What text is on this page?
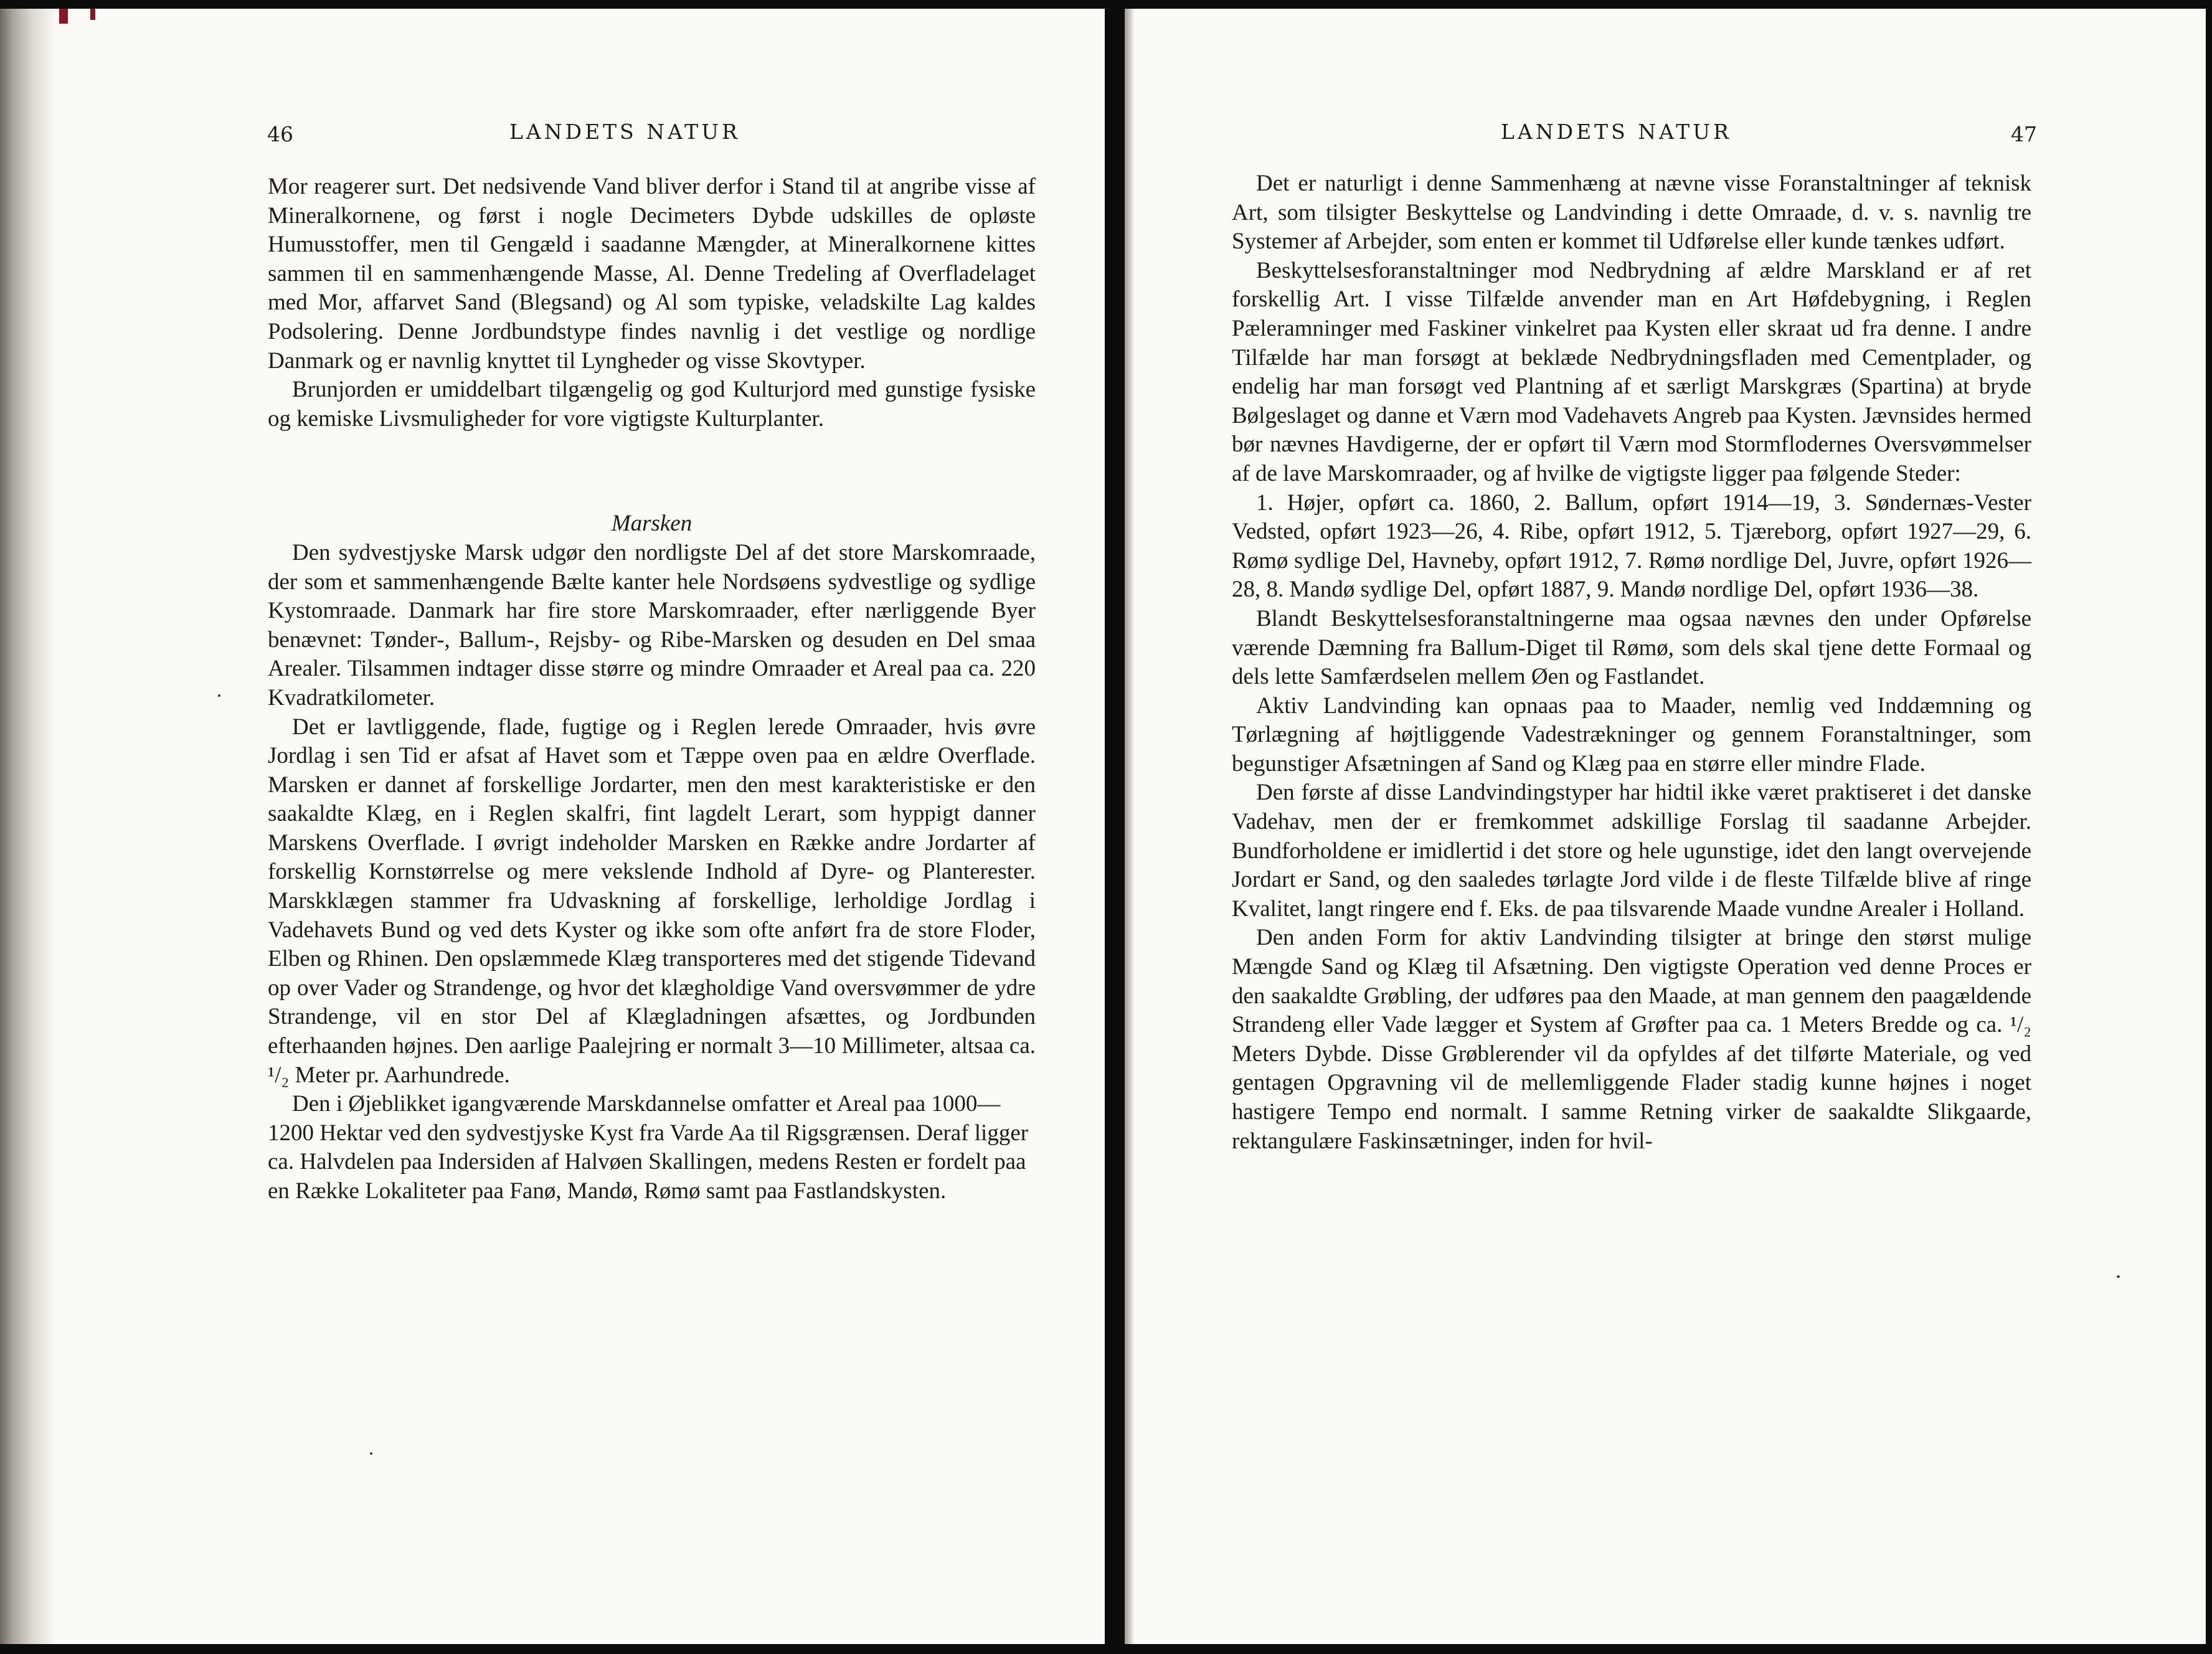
46	LANDETS NATUR

Mor reagerer surt. Det nedsivende Vand bliver derfor i Stand til at angribe visse af Mineralkornene, og først i nogle Decimeters Dybde udskilles de opløste Humusstoffer, men til Gengæld i saadanne Mængder, at Mineralkornene kittes sammen til en sammenhængende Masse, Al. Denne Tredeling af Overfladelaget med Mor, affarvet Sand (Blegsand) og Al som typiske, veladskilte Lag kaldes Podsolering. Denne Jordbundstype findes navnlig i det vestlige og nordlige Danmark og er navnlig knyttet til Lyngheder og visse Skovtyper.

Brunjorden er umiddelbart tilgængelig og god Kulturjord med gunstige fysiske og kemiske Livsmuligheder for vore vigtigste Kulturplanter.

Marsken

Den sydvestjyske Marsk udgør den nordligste Del af det store Marskomraade, der som et sammenhængende Bælte kanter hele Nordsøens sydvestlige og sydlige Kystomraade. Danmark har fire store Marskomraader, efter nærliggende Byer benævnet: Tønder-, Ballum-, Rejsby- og Ribe-Marsken og desuden en Del smaa Arealer. Tilsammen indtager disse større og mindre Omraader et Areal paa ca. 220 Kvadratkilometer.

Det er lavtliggende, flade, fugtige og i Reglen lerede Omraader, hvis øvre Jordlag i sen Tid er afsat af Havet som et Tæppe oven paa en ældre Overflade. Marsken er dannet af forskellige Jordarter, men den mest karakteristiske er den saakaldte Klæg, en i Reglen skalfri, fint lagdelt Lerart, som hyppigt danner Marskens Overflade. I øvrigt indeholder Marsken en Række andre Jordarter af forskellig Kornstørrelse og mere vekslende Indhold af Dyre- og Planterester. Marskklægen stammer fra Udvaskning af forskellige, lerholdige Jordlag i Vadehavets Bund og ved dets Kyster og ikke som ofte anført fra de store Floder, Elben og Rhinen. Den opslæmmede Klæg transporteres med det stigende Tidevand op over Vader og Strandenge, og hvor det klægholdige Vand oversvømmer de ydre Strandenge, vil en stor Del af Klægladningen afsættes, og Jordbunden efterhaanden højnes. Den aarlige Paalejring er normalt 3—10 Millimeter, altsaa ca. ¹/₂ Meter pr. Aarhundrede.

Den i Øjeblikket igangværende Marskdannelse omfatter et Areal paa 1000—1200 Hektar ved den sydvestjyske Kyst fra Varde Aa til Rigsgrænsen. Deraf ligger ca. Halvdelen paa Indersiden af Halvøen Skallingen, medens Resten er fordelt paa en Række Lokaliteter paa Fanø, Mandø, Rømø samt paa Fastlandskysten.

LANDETS NATUR	47

Det er naturligt i denne Sammenhæng at nævne visse Foranstaltninger af teknisk Art, som tilsigter Beskyttelse og Landvinding i dette Omraade, d. v. s. navnlig tre Systemer af Arbejder, som enten er kommet til Udførelse eller kunde tænkes udført.

Beskyttelsesforanstaltninger mod Nedbrydning af ældre Marskland er af ret forskellig Art. I visse Tilfælde anvender man en Art Høfdebygning, i Reglen Pæleramninger med Faskiner vinkelret paa Kysten eller skraat ud fra denne. I andre Tilfælde har man forsøgt at beklæde Nedbrydningsfladen med Cementplader, og endelig har man forsøgt ved Plantning af et særligt Marskgræs (Spartina) at bryde Bølgeslaget og danne et Værn mod Vadehavets Angreb paa Kysten. Jævnsides hermed bør nævnes Havdigerne, der er opført til Værn mod Stormflodernes Oversvømmelser af de lave Marskomraader, og af hvilke de vigtigste ligger paa følgende Steder:

1. Højer, opført ca. 1860, 2. Ballum, opført 1914—19, 3. Søndernæs-Vester Vedsted, opført 1923—26, 4. Ribe, opført 1912, 5. Tjæreborg, opført 1927—29, 6. Rømø sydlige Del, Havneby, opført 1912, 7. Rømø nordlige Del, Juvre, opført 1926—28, 8. Mandø sydlige Del, opført 1887, 9. Mandø nordlige Del, opført 1936—38.

Blandt Beskyttelsesforanstaltningerne maa ogsaa nævnes den under Opførelse værende Dæmning fra Ballum-Diget til Rømø, som dels skal tjene dette Formaal og dels lette Samfærdselen mellem Øen og Fastlandet.

Aktiv Landvinding kan opnaas paa to Maader, nemlig ved Inddæmning og Tørlægning af højtliggende Vadestrækninger og gennem Foranstaltninger, som begunstiger Afsætningen af Sand og Klæg paa en større eller mindre Flade.

Den første af disse Landvindingstyper har hidtil ikke været praktiseret i det danske Vadehav, men der er fremkommet adskillige Forslag til saadanne Arbejder. Bundforholdene er imidlertid i det store og hele ugunstige, idet den langt overvejende Jordart er Sand, og den saaledes tørlagte Jord vilde i de fleste Tilfælde blive af ringe Kvalitet, langt ringere end f. Eks. de paa tilsvarende Maade vundne Arealer i Holland.

Den anden Form for aktiv Landvinding tilsigter at bringe den størst mulige Mængde Sand og Klæg til Afsætning. Den vigtigste Operation ved denne Proces er den saakaldte Grøbling, der udføres paa den Maade, at man gennem den paagældende Strandeng eller Vade lægger et System af Grøfter paa ca. 1 Meters Bredde og ca. ¹/₂ Meters Dybde. Disse Grøblerender vil da opfyldes af det tilførte Materiale, og ved gentagen Opgravning vil de mellemliggende Flader stadig kunne højnes i noget hastigere Tempo end normalt. I samme Retning virker de saakaldte Slikgaarde, rektangulære Faskinsætninger, inden for hvil-
